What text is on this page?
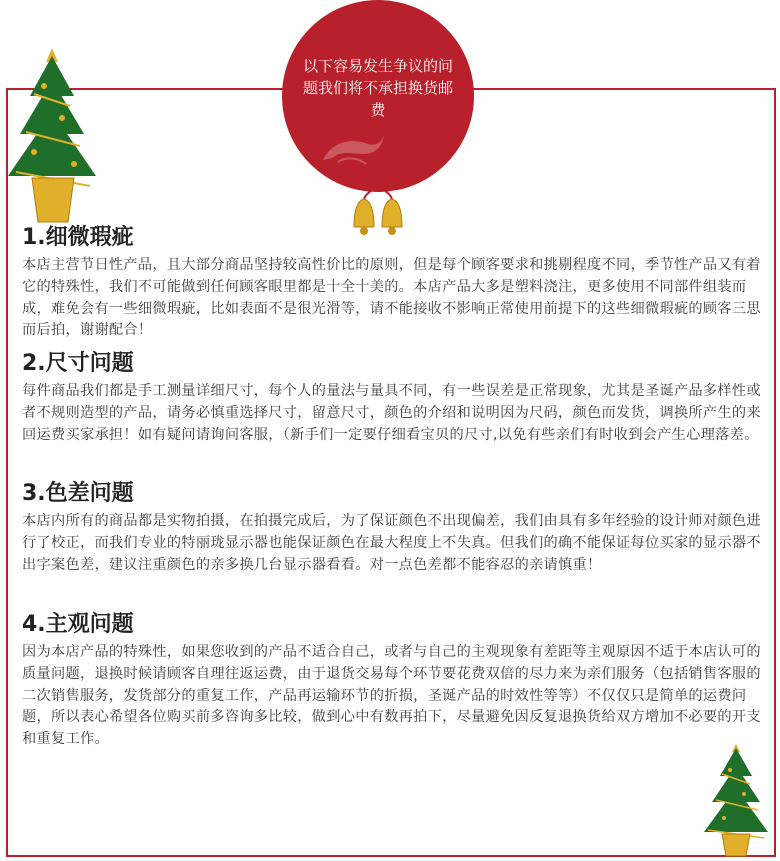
以下容易发生争议的问题我们将不承担换货邮费
1.细微瑕疵

本店主营节日性产品，且大部分商品坚持较高性价比的原则，但是每个顾客要求和挑剔程度不同，季节性产品又有着它的特殊性，我们不可能做到任何顾客眼里都是十全十美的。本店产品大多是塑料浇注，更多使用不同部件组装而成，难免会有一些细微瑕疵，比如表面不是很光滑等，请不能接收不影响正常使用前提下的这些细微瑕疵的顾客三思而后拍，谢谢配合！

2.尺寸问题

每件商品我们都是手工测量详细尺寸，每个人的量法与量具不同，有一些误差是正常现象，尤其是圣诞产品多样性或者不规则造型的产品，请务必慎重选择尺寸，留意尺寸，颜色的介绍和说明因为尺码，颜色而发货，调换所产生的来回运费买家承担！如有疑问请询问客服，（新手们一定要仔细看宝贝的尺寸,以免有些亲们有时收到会产生心理落差。

3.色差问题

本店内所有的商品都是实物拍摄，在拍摄完成后，为了保证颜色不出现偏差，我们由具有多年经验的设计师对颜色进行了校正，而我们专业的特丽珑显示器也能保证颜色在最大程度上不失真。但我们的确不能保证每位买家的显示器不出字案色差，建议注重颜色的亲多换几台显示器看看。对一点色差都不能容忍的亲请慎重！

4.主观问题

因为本店产品的特殊性，如果您收到的产品不适合自己，或者与自己的主观现象有差距等主观原因不适于本店认可的质量问题，退换时候请顾客自理往返运费，由于退货交易每个环节要花费双倍的尽力来为亲们服务（包括销售客服的二次销售服务，发货部分的重复工作，产品再运输环节的折损，圣诞产品的时效性等等）不仅仅只是简单的运费问题，所以表心希望各位购买前多咨询多比较，做到心中有数再拍下，尽量避免因反复退换货给双方增加不必要的开支和重复工作。
